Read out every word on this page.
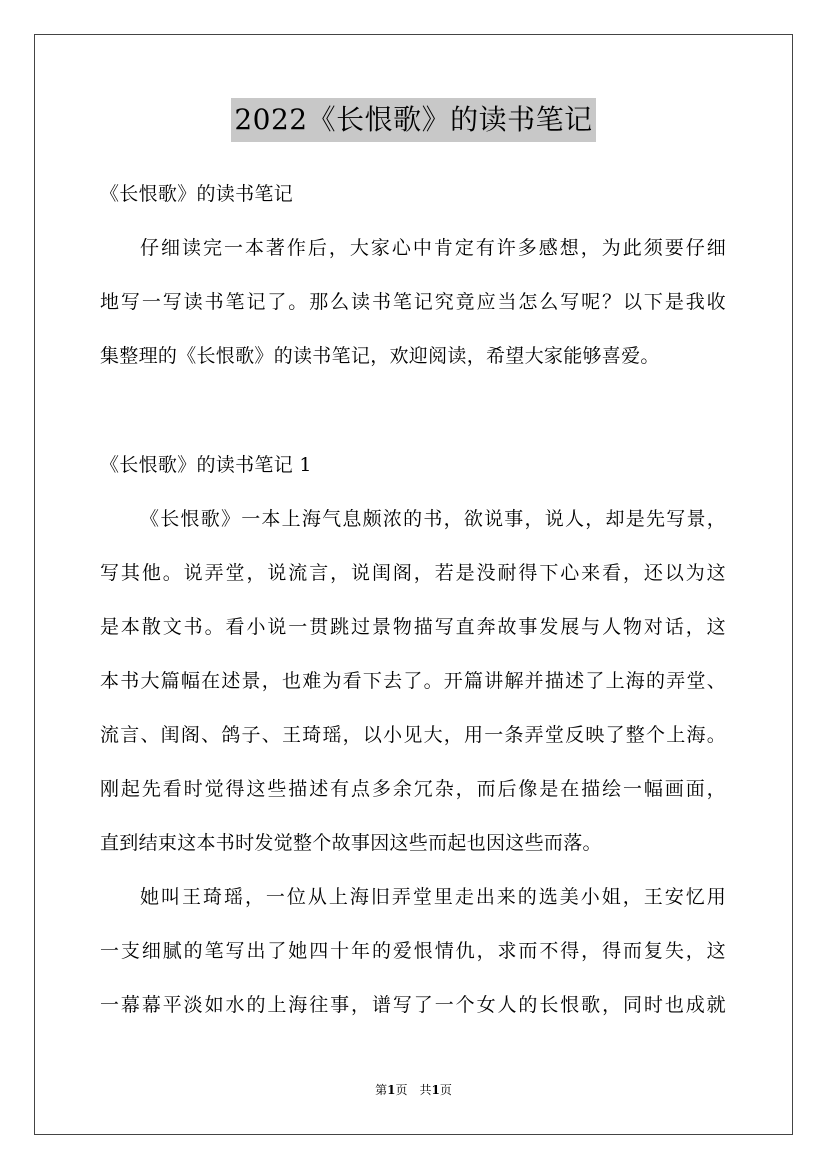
2022《长恨歌》的读书笔记
《长恨歌》的读书笔记
仔细读完一本著作后，大家心中肯定有许多感想，为此须要仔细
地写一写读书笔记了。那么读书笔记究竟应当怎么写呢？以下是我收
集整理的《长恨歌》的读书笔记，欢迎阅读，希望大家能够喜爱。
《长恨歌》的读书笔记 1
《长恨歌》一本上海气息颇浓的书，欲说事，说人，却是先写景，
写其他。说弄堂，说流言，说闺阁，若是没耐得下心来看，还以为这
是本散文书。看小说一贯跳过景物描写直奔故事发展与人物对话，这
本书大篇幅在述景，也难为看下去了。开篇讲解并描述了上海的弄堂、
流言、闺阁、鸽子、王琦瑶，以小见大，用一条弄堂反映了整个上海。
刚起先看时觉得这些描述有点多余冗杂，而后像是在描绘一幅画面，
直到结束这本书时发觉整个故事因这些而起也因这些而落。
她叫王琦瑶，一位从上海旧弄堂里走出来的选美小姐，王安忆用
一支细腻的笔写出了她四十年的爱恨情仇，求而不得，得而复失，这
一幕幕平淡如水的上海往事，谱写了一个女人的长恨歌，同时也成就
第1页　共1页
